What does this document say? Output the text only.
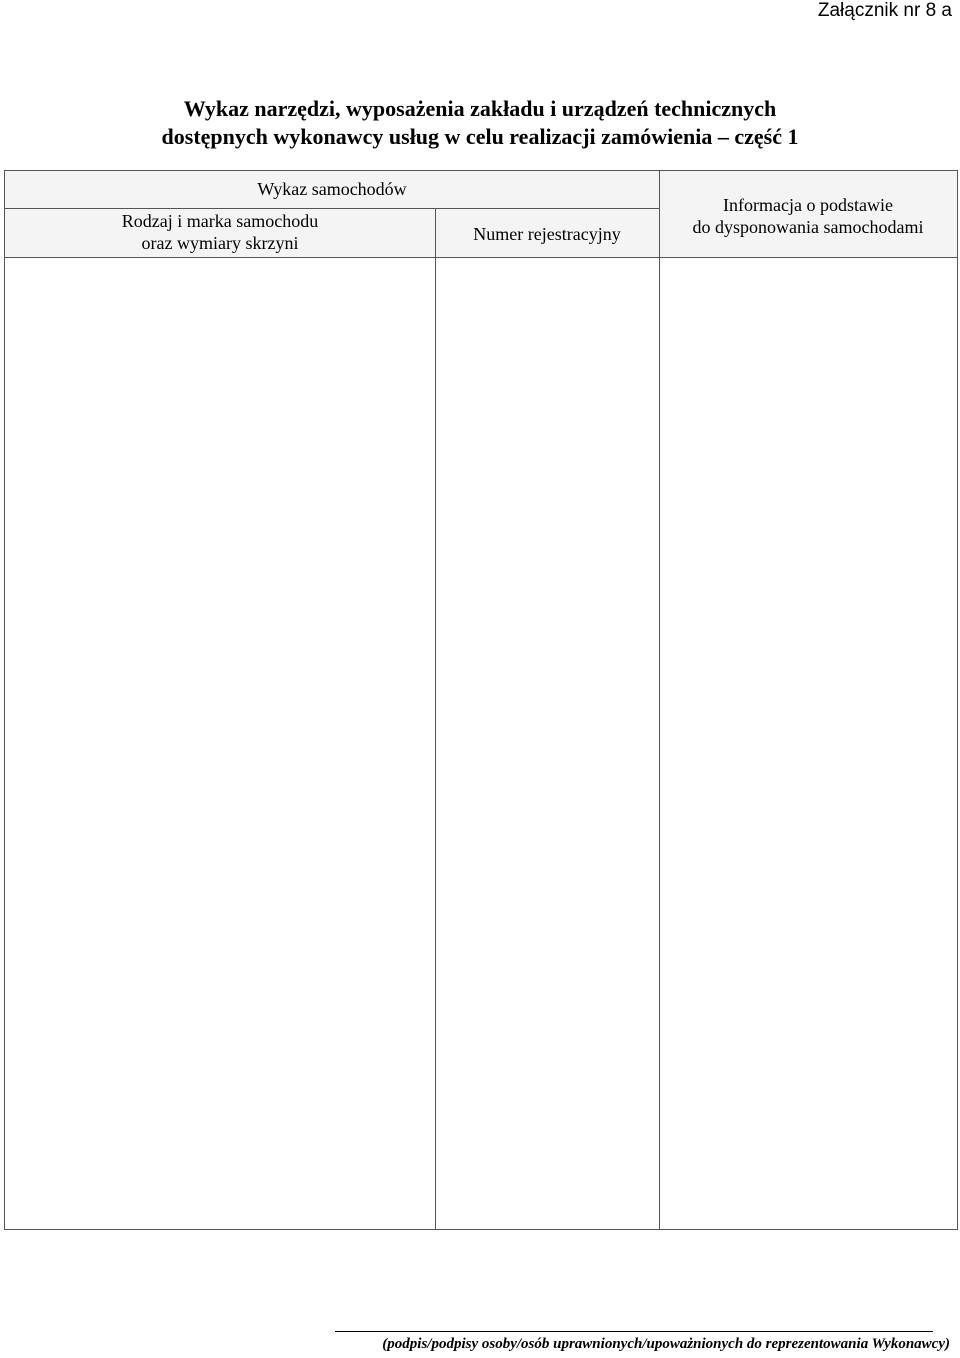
Załącznik nr 8 a
Wykaz narzędzi, wyposażenia zakładu i urządzeń technicznych
dostępnych wykonawcy usług w celu realizacji zamówienia – część 1
Wykaz samochodów
Rodzaj i marka samochodu
oraz wymiary skrzyni	Numer rejestracyjny
Informacja o podstawie
do dysponowania samochodami
(podpis/podpisy osoby/osób uprawnionych/upoważnionych do reprezentowania Wykonawcy)
